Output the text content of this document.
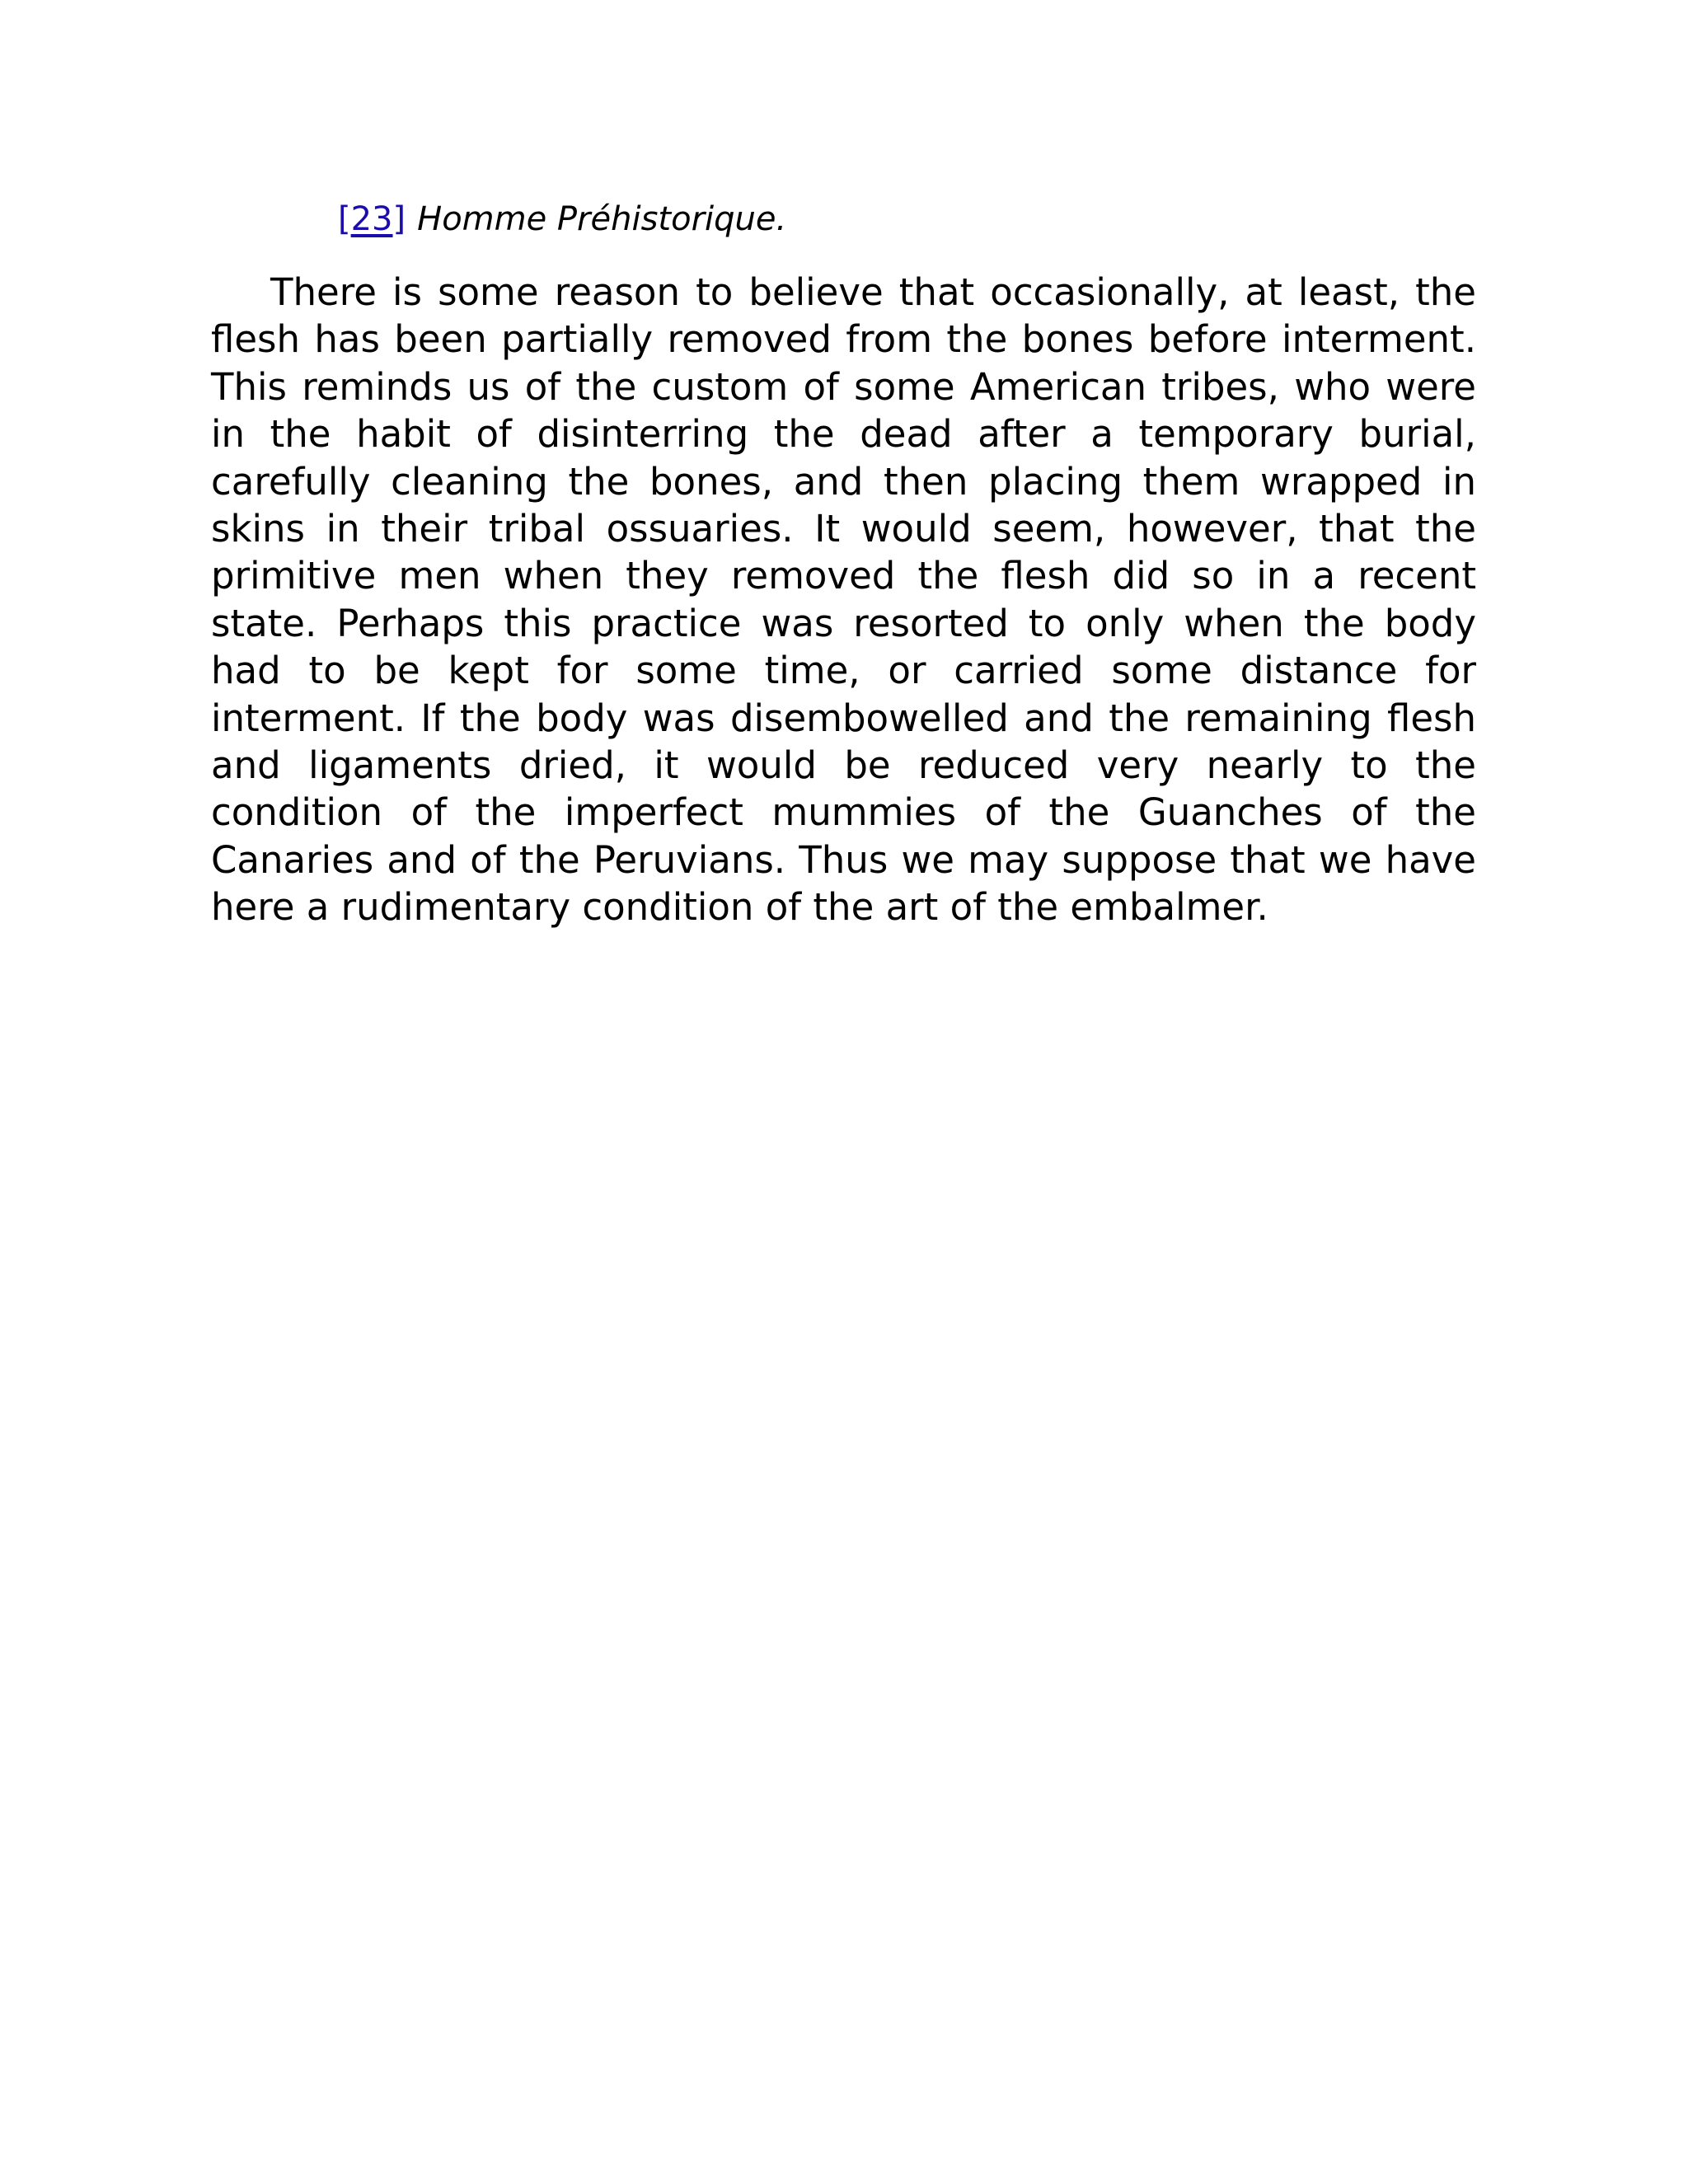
[23] Homme Préhistorique.

There is some reason to believe that occasionally, at least, the flesh has been partially removed from the bones before interment. This reminds us of the custom of some American tribes, who were in the habit of disinterring the dead after a temporary burial, carefully cleaning the bones, and then placing them wrapped in skins in their tribal ossuaries. It would seem, however, that the primitive men when they removed the flesh did so in a recent state. Perhaps this practice was resorted to only when the body had to be kept for some time, or carried some distance for interment. If the body was disembowelled and the remaining flesh and ligaments dried, it would be reduced very nearly to the condition of the imperfect mummies of the Guanches of the Canaries and of the Peruvians. Thus we may suppose that we have here a rudimentary condition of the art of the embalmer.
